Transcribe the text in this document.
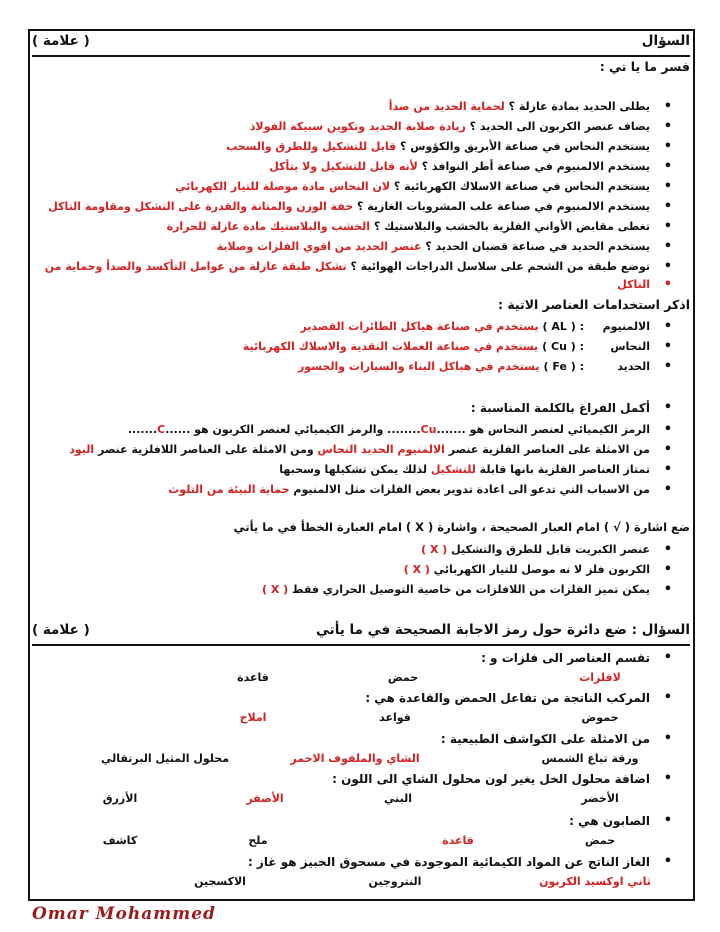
السؤال
( علامة )
فسر ما يا تي :
اذكر استخدامات العناصر الاتية :
• أكمل الفراغ بالكلمة المناسبة :
ضع اشارة ( √ ) امام العبار الصحيحة ، واشارة ( X ) امام العبارة الخطأ في ما يأتي
السؤال : ضع دائرة حول رمز الاجابة الصحيحة في ما يأتي
( علامة )
Omar Mohammed
• يطلى الحديد بمادة عازلة ؟ لحماية الحديد من صدأ
• يضاف عنصر الكربون الى الحديد ؟ زيادة صلابة الحديد وتكوين سبيكة الفولاذ
• يستخدم النحاس في صناعة الأبريق والكؤوس ؟ قابل للتشكيل وللطرق والسحب
• يستخدم الالمنيوم في صناعة أطر النوافذ ؟ لأنه قابل للتشكيل ولا يتأكل
• يستخدم النحاس في صناعة الاسلاك الكهربائية ؟ لان النحاس مادة موصلة للتيار الكهربائي
• يستخدم الالمنيوم في صناعة علب المشروبات الغازية ؟ خفة الوزن والمتانة والقدرة على التشكل ومقاومة التاكل
• تغطى مقابض الأواني الفلزية بالخشب والبلاستيك ؟ الخشب والبلاستيك مادة عازلة للحرارة
• يستخدم الحديد في صناعة قضبان الحديد ؟ عنصر الحديد من اقوي الفلزات وصلابة
• توضع طبقة من الشحم على سلاسل الدراجات الهوائية ؟ تشكل طبقة عازلة من عوامل التأكسد والصدأ وحماية من
• التاكل
• الالمنيوم( AL ) :يستخدم في صناعة هياكل الطائرات القصدير
• النحاس( Cu ) :يستخدم في صناعة العملات النقدية والاسلاك الكهربائية
• الحديد( Fe ) :يستخدم في هياكل البناء والسيارات والجسور
• الرمز الكيميائي لعنصر النحاس هو .......Cu........ والرمز الكيميائي لعنصر الكربون هو ......C.......
• من الامثلة على العناصر الفلزية عنصر الالمنيوم الحديد النحاس ومن الامثلة على العناصر اللافلزية عنصر اليود
• تمتاز العناصر الفلزية بانها قابلة للتشكيل لذلك يمكن تشكيلها وسحبها
• من الاسباب التي تدعو الى اعادة تدوير بعض الفلزات مثل الالمنيوم حماية البيئة من التلوث
• عنصر الكبريت قابل للطرق والتشكيل ( X )
• الكربون فلز لا نه موصل للتيار الكهربائي ( X )
• يمكن تميز الفلزات من اللافلزات من خاصية التوصيل الحراري فقط ( X )
• تقسم العناصر الى فلزات و :
لافلزات
حمض
قاعدة
• المركب الناتجة من تفاعل الحمض والقاعدة هي :
حموض
قواعد
املاح
• من الامثلة على الكواشف الطبيعية :
ورقة تباع الشمس
الشاي والملفوف الاحمر
محلول المثيل البرتقالي
• اضافة محلول الخل يغير لون محلول الشاي الى اللون :
الأخضر
البني
الأصفر
الأزرق
• الصابون هي :
حمض
قاعدة
ملح
كاشف
• الغاز الناتج عن المواد الكيمائية الموجودة في مسحوق الخبيز هو غاز :
ثاني اوكسيد الكربون
النتروجين
الاكسجين
